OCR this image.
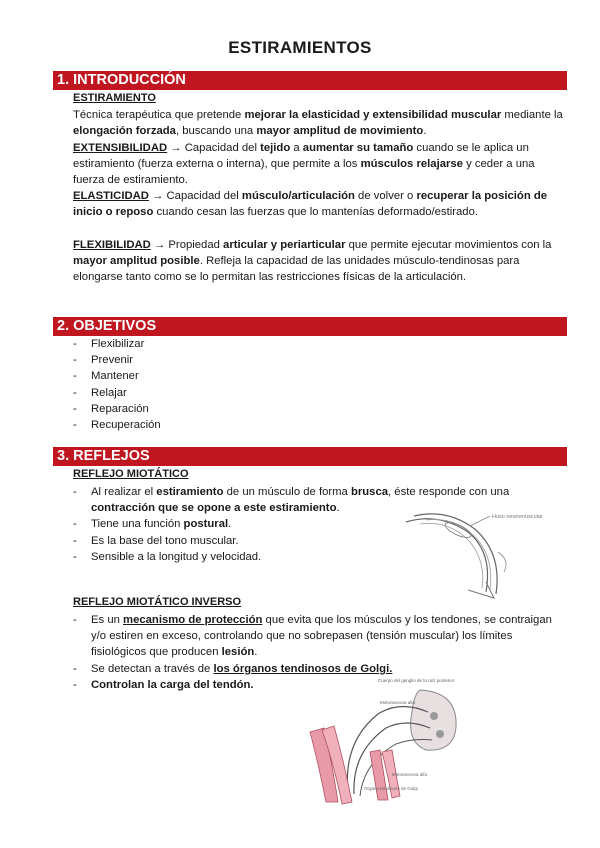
ESTIRAMIENTOS
1. INTRODUCCIÓN
ESTIRAMIENTO
Técnica terapéutica que pretende mejorar la elasticidad y extensibilidad muscular mediante la elongación forzada, buscando una mayor amplitud de movimiento.
EXTENSIBILIDAD → Capacidad del tejido a aumentar su tamaño cuando se le aplica un estiramiento (fuerza externa o interna), que permite a los músculos relajarse y ceder a una fuerza de estiramiento.
ELASTICIDAD → Capacidad del músculo/articulación de volver o recuperar la posición de inicio o reposo cuando cesan las fuerzas que lo mantenías deformado/estirado.
FLEXIBILIDAD → Propiedad articular y periarticular que permite ejecutar movimientos con la mayor amplitud posible. Refleja la capacidad de las unidades músculo-tendinosas para elongarse tanto como se lo permitan las restricciones físicas de la articulación.
2. OBJETIVOS
- Flexibilizar
- Prevenir
- Mantener
- Relajar
- Reparación
- Recuperación
3. REFLEJOS
REFLEJO MIOTÁTICO
- Al realizar el estiramiento de un músculo de forma brusca, éste responde con una contracción que se opone a este estiramiento.
- Tiene una función postural.
- Es la base del tono muscular.
- Sensible a la longitud y velocidad.
Huso neuromuscular
REFLEJO MIOTÁTICO INVERSO
- Es un mecanismo de protección que evita que los músculos y los tendones, se contraigan y/o estiren en exceso, controlando que no sobrepasen (tensión muscular) los límites fisiológicos que producen lesión.
- Se detectan a través de los órganos tendinosos de Golgi.
- Controlan la carga del tendón.	Cuerpo del ganglio de la raíz posterior
Motoneurona alfa
Motoneurona alfa
Órgano tendinoso de Golgi
